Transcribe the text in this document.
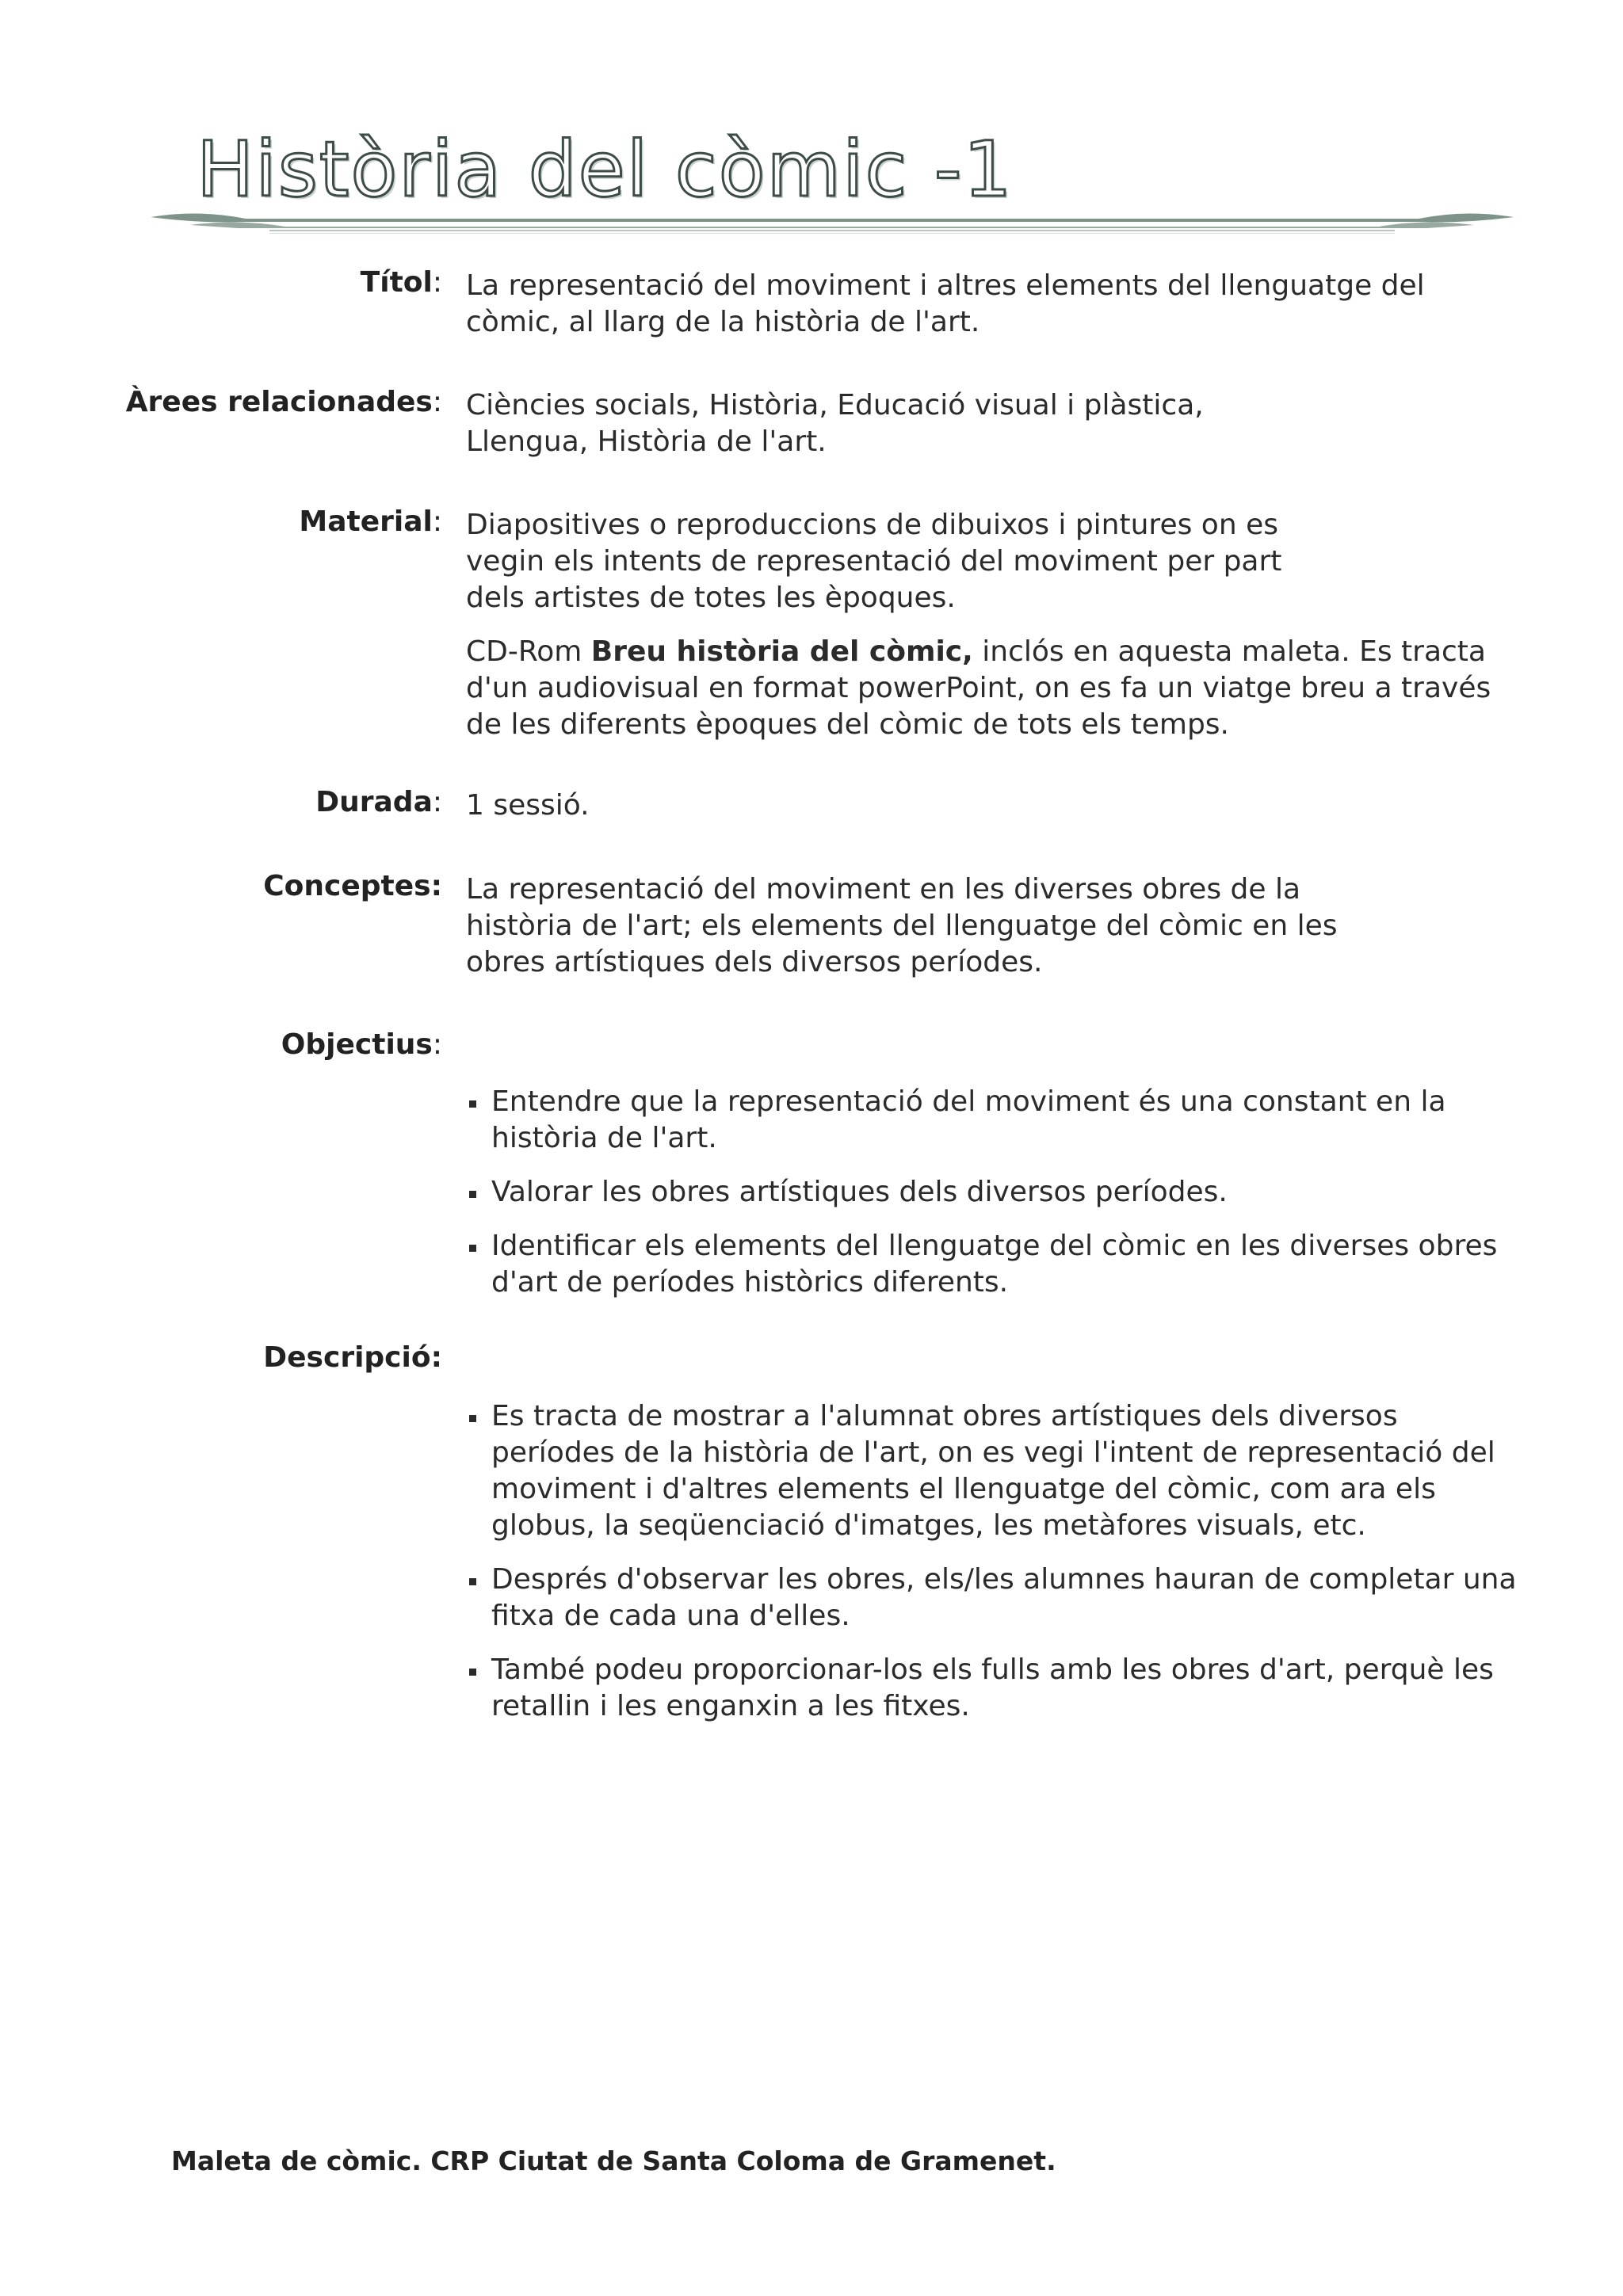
Història del còmic -1
Títol: La representació del moviment i altres elements del llenguatge del còmic, al llarg de la història de l'art.

Àrees relacionades: Ciències socials, Història, Educació visual i plàstica, Llengua, Història de l'art.

Material: Diapositives o reproduccions de dibuixos i pintures on es vegin els intents de representació del moviment per part dels artistes de totes les èpoques.

CD-Rom Breu història del còmic, inclós en aquesta maleta. Es tracta d'un audiovisual en format powerPoint, on es fa un viatge breu a través de les diferents èpoques del còmic de tots els temps.

Durada: 1 sessió.

Conceptes: La representació del moviment en les diverses obres de la història de l'art; els elements del llenguatge del còmic en les obres artístiques dels diversos períodes.

Objectius:
Entendre que la representació del moviment és una constant en la història de l'art.
Valorar les obres artístiques dels diversos períodes.
Identificar els elements del llenguatge del còmic en les diverses obres d'art de períodes històrics diferents.
Descripció:
Es tracta de mostrar a l'alumnat obres artístiques dels diversos períodes de la història de l'art, on es vegi l'intent de representació del moviment i d'altres elements el llenguatge del còmic, com ara els globus, la seqüenciació d'imatges, les metàfores visuals, etc.
Després d'observar les obres, els/les alumnes hauran de completar una fitxa de cada una d'elles.
També podeu proporcionar-los els fulls amb les obres d'art, perquè les retallin i les enganxin a les fitxes.
Maleta de còmic. CRP Ciutat de Santa Coloma de Gramenet.
